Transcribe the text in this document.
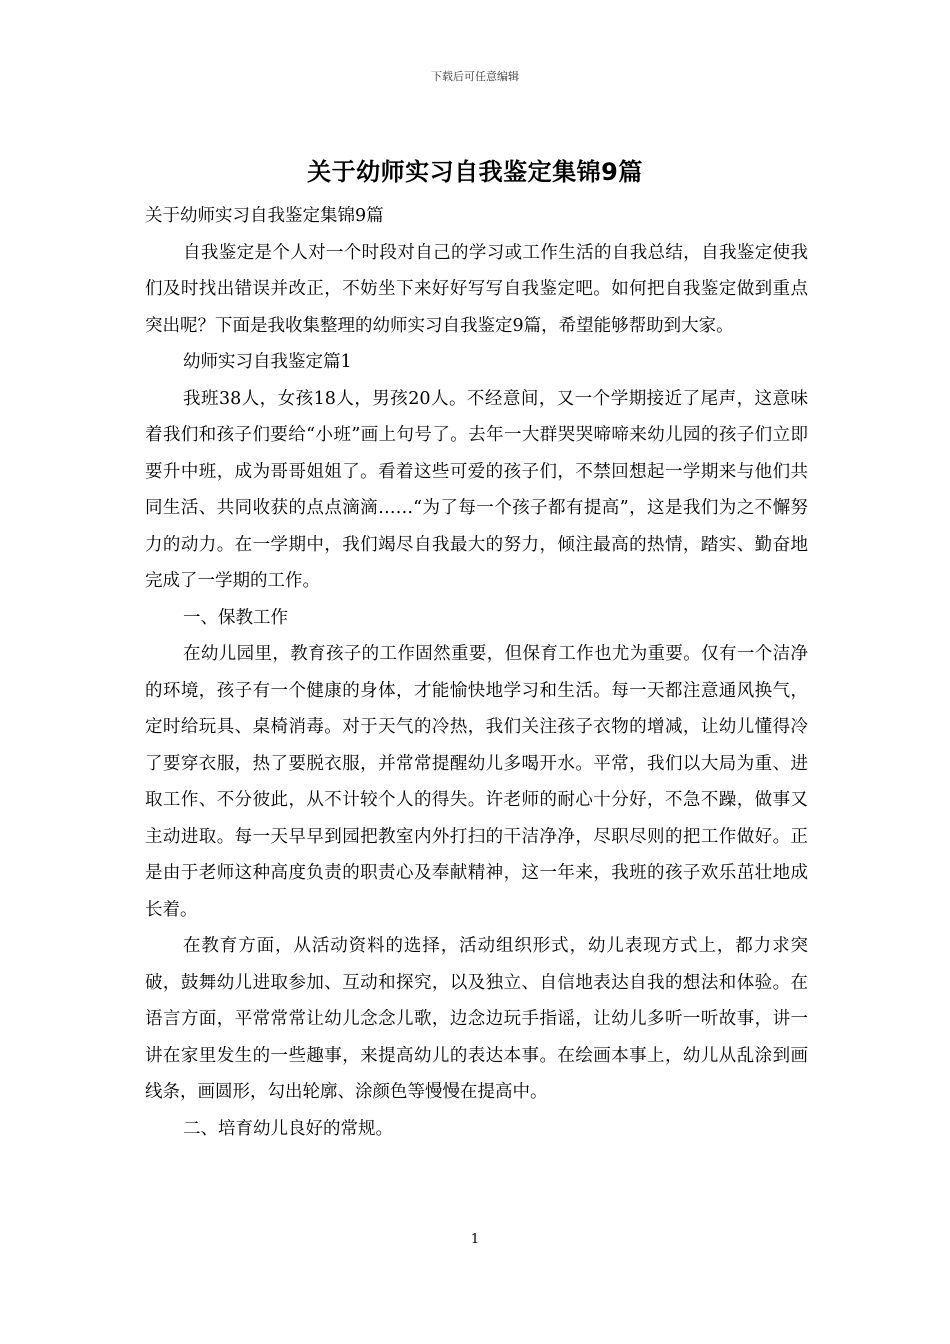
下载后可任意编辑
关于幼师实习自我鉴定集锦9篇

关于幼师实习自我鉴定集锦9篇

自我鉴定是个人对一个时段对自己的学习或工作生活的自我总结，自我鉴定使我们及时找出错误并改正，不妨坐下来好好写写自我鉴定吧。如何把自我鉴定做到重点突出呢？下面是我收集整理的幼师实习自我鉴定9篇，希望能够帮助到大家。

幼师实习自我鉴定篇1

我班38人，女孩18人，男孩20人。不经意间，又一个学期接近了尾声，这意味着我们和孩子们要给“小班”画上句号了。去年一大群哭哭啼啼来幼儿园的孩子们立即要升中班，成为哥哥姐姐了。看着这些可爱的孩子们，不禁回想起一学期来与他们共同生活、共同收获的点点滴滴……“为了每一个孩子都有提高”，这是我们为之不懈努力的动力。在一学期中，我们竭尽自我最大的努力，倾注最高的热情，踏实、勤奋地完成了一学期的工作。

一、保教工作

在幼儿园里，教育孩子的工作固然重要，但保育工作也尤为重要。仅有一个洁净的环境，孩子有一个健康的身体，才能愉快地学习和生活。每一天都注意通风换气，定时给玩具、桌椅消毒。对于天气的冷热，我们关注孩子衣物的增减，让幼儿懂得冷了要穿衣服，热了要脱衣服，并常常提醒幼儿多喝开水。平常，我们以大局为重、进取工作、不分彼此，从不计较个人的得失。许老师的耐心十分好，不急不躁，做事又主动进取。每一天早早到园把教室内外打扫的干洁净净，尽职尽则的把工作做好。正是由于老师这种高度负责的职责心及奉献精神，这一年来，我班的孩子欢乐茁壮地成长着。

在教育方面，从活动资料的选择，活动组织形式，幼儿表现方式上，都力求突破，鼓舞幼儿进取参加、互动和探究，以及独立、自信地表达自我的想法和体验。在语言方面，平常常常让幼儿念念儿歌，边念边玩手指谣，让幼儿多听一听故事，讲一讲在家里发生的一些趣事，来提高幼儿的表达本事。在绘画本事上，幼儿从乱涂到画线条，画圆形，勾出轮廓、涂颜色等慢慢在提高中。

二、培育幼儿良好的常规。

1
